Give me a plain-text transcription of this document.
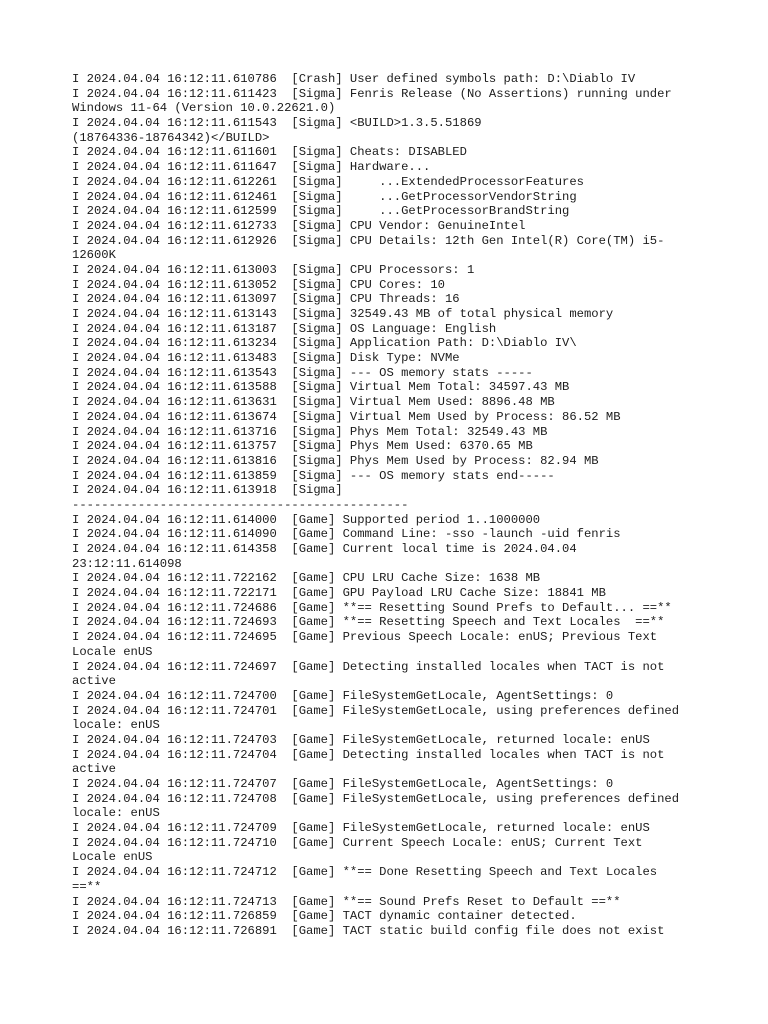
I 2024.04.04 16:12:11.610786  [Crash] User defined symbols path: D:\Diablo IV
I 2024.04.04 16:12:11.611423  [Sigma] Fenris Release (No Assertions) running under
Windows 11-64 (Version 10.0.22621.0)
I 2024.04.04 16:12:11.611543  [Sigma] <BUILD>1.3.5.51869
(18764336-18764342)</BUILD>
I 2024.04.04 16:12:11.611601  [Sigma] Cheats: DISABLED
I 2024.04.04 16:12:11.611647  [Sigma] Hardware...
I 2024.04.04 16:12:11.612261  [Sigma]     ...ExtendedProcessorFeatures
I 2024.04.04 16:12:11.612461  [Sigma]     ...GetProcessorVendorString
I 2024.04.04 16:12:11.612599  [Sigma]     ...GetProcessorBrandString
I 2024.04.04 16:12:11.612733  [Sigma] CPU Vendor: GenuineIntel
I 2024.04.04 16:12:11.612926  [Sigma] CPU Details: 12th Gen Intel(R) Core(TM) i5-
12600K
I 2024.04.04 16:12:11.613003  [Sigma] CPU Processors: 1
I 2024.04.04 16:12:11.613052  [Sigma] CPU Cores: 10
I 2024.04.04 16:12:11.613097  [Sigma] CPU Threads: 16
I 2024.04.04 16:12:11.613143  [Sigma] 32549.43 MB of total physical memory
I 2024.04.04 16:12:11.613187  [Sigma] OS Language: English
I 2024.04.04 16:12:11.613234  [Sigma] Application Path: D:\Diablo IV\
I 2024.04.04 16:12:11.613483  [Sigma] Disk Type: NVMe
I 2024.04.04 16:12:11.613543  [Sigma] --- OS memory stats -----
I 2024.04.04 16:12:11.613588  [Sigma] Virtual Mem Total: 34597.43 MB
I 2024.04.04 16:12:11.613631  [Sigma] Virtual Mem Used: 8896.48 MB
I 2024.04.04 16:12:11.613674  [Sigma] Virtual Mem Used by Process: 86.52 MB
I 2024.04.04 16:12:11.613716  [Sigma] Phys Mem Total: 32549.43 MB
I 2024.04.04 16:12:11.613757  [Sigma] Phys Mem Used: 6370.65 MB
I 2024.04.04 16:12:11.613816  [Sigma] Phys Mem Used by Process: 82.94 MB
I 2024.04.04 16:12:11.613859  [Sigma] --- OS memory stats end-----
I 2024.04.04 16:12:11.613918  [Sigma]
----------------------------------------------
I 2024.04.04 16:12:11.614000  [Game] Supported period 1..1000000
I 2024.04.04 16:12:11.614090  [Game] Command Line: -sso -launch -uid fenris
I 2024.04.04 16:12:11.614358  [Game] Current local time is 2024.04.04
23:12:11.614098
I 2024.04.04 16:12:11.722162  [Game] CPU LRU Cache Size: 1638 MB
I 2024.04.04 16:12:11.722171  [Game] GPU Payload LRU Cache Size: 18841 MB
I 2024.04.04 16:12:11.724686  [Game] **== Resetting Sound Prefs to Default... ==**
I 2024.04.04 16:12:11.724693  [Game] **== Resetting Speech and Text Locales  ==**
I 2024.04.04 16:12:11.724695  [Game] Previous Speech Locale: enUS; Previous Text
Locale enUS
I 2024.04.04 16:12:11.724697  [Game] Detecting installed locales when TACT is not
active
I 2024.04.04 16:12:11.724700  [Game] FileSystemGetLocale, AgentSettings: 0
I 2024.04.04 16:12:11.724701  [Game] FileSystemGetLocale, using preferences defined
locale: enUS
I 2024.04.04 16:12:11.724703  [Game] FileSystemGetLocale, returned locale: enUS
I 2024.04.04 16:12:11.724704  [Game] Detecting installed locales when TACT is not
active
I 2024.04.04 16:12:11.724707  [Game] FileSystemGetLocale, AgentSettings: 0
I 2024.04.04 16:12:11.724708  [Game] FileSystemGetLocale, using preferences defined
locale: enUS
I 2024.04.04 16:12:11.724709  [Game] FileSystemGetLocale, returned locale: enUS
I 2024.04.04 16:12:11.724710  [Game] Current Speech Locale: enUS; Current Text
Locale enUS
I 2024.04.04 16:12:11.724712  [Game] **== Done Resetting Speech and Text Locales
==**
I 2024.04.04 16:12:11.724713  [Game] **== Sound Prefs Reset to Default ==**
I 2024.04.04 16:12:11.726859  [Game] TACT dynamic container detected.
I 2024.04.04 16:12:11.726891  [Game] TACT static build config file does not exist
